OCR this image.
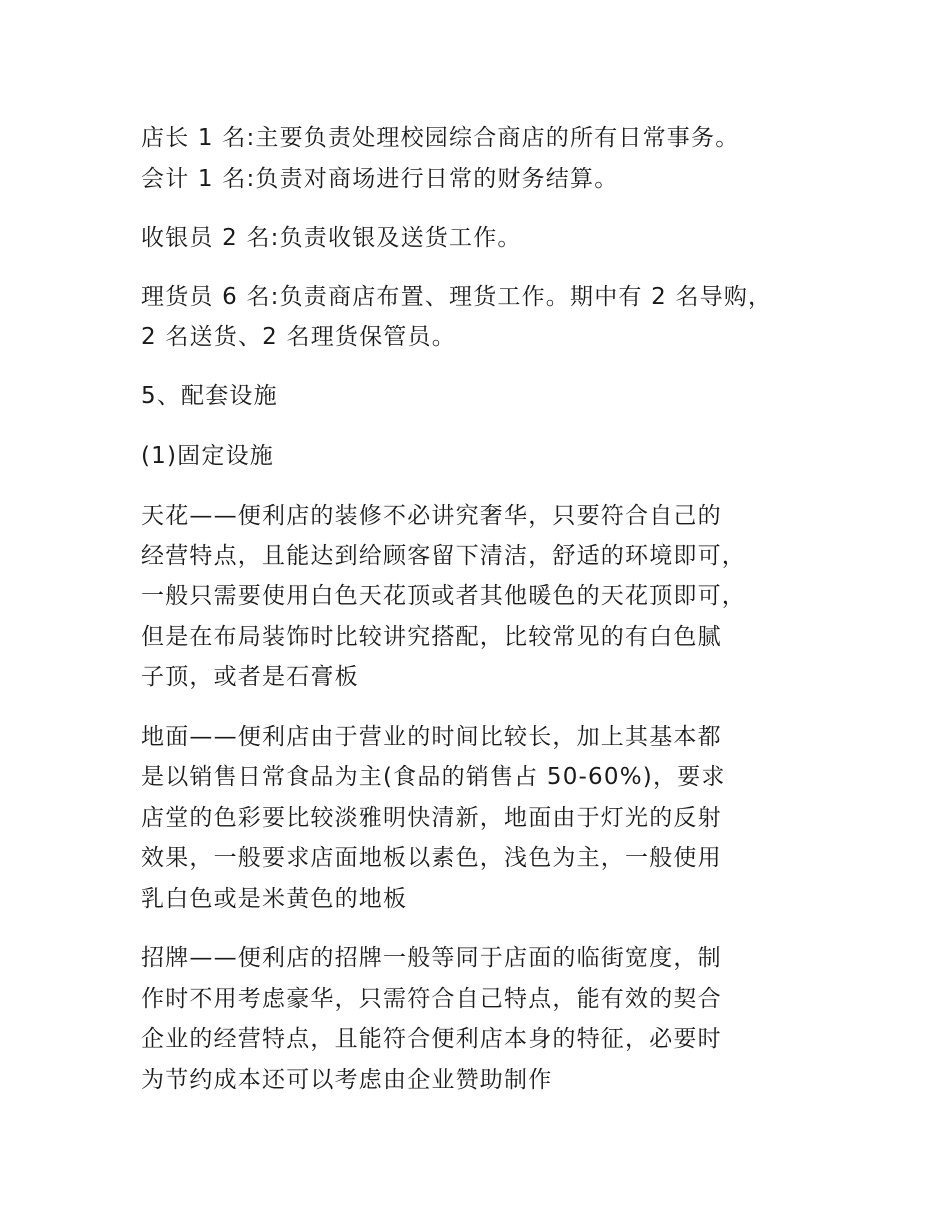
店长 1 名:主要负责处理校园综合商店的所有日常事务。
会计 1 名:负责对商场进行日常的财务结算。
收银员 2 名:负责收银及送货工作。
理货员 6 名:负责商店布置、理货工作。期中有 2 名导购，
2 名送货、2 名理货保管员。
5、配套设施
(1)固定设施
天花——便利店的装修不必讲究奢华，只要符合自己的
经营特点，且能达到给顾客留下清洁，舒适的环境即可，
一般只需要使用白色天花顶或者其他暖色的天花顶即可，
但是在布局装饰时比较讲究搭配，比较常见的有白色腻
子顶，或者是石膏板
地面——便利店由于营业的时间比较长，加上其基本都
是以销售日常食品为主(食品的销售占 50-60%)，要求
店堂的色彩要比较淡雅明快清新，地面由于灯光的反射
效果，一般要求店面地板以素色，浅色为主，一般使用
乳白色或是米黄色的地板
招牌——便利店的招牌一般等同于店面的临街宽度，制
作时不用考虑豪华，只需符合自己特点，能有效的契合
企业的经营特点，且能符合便利店本身的特征，必要时
为节约成本还可以考虑由企业赞助制作
